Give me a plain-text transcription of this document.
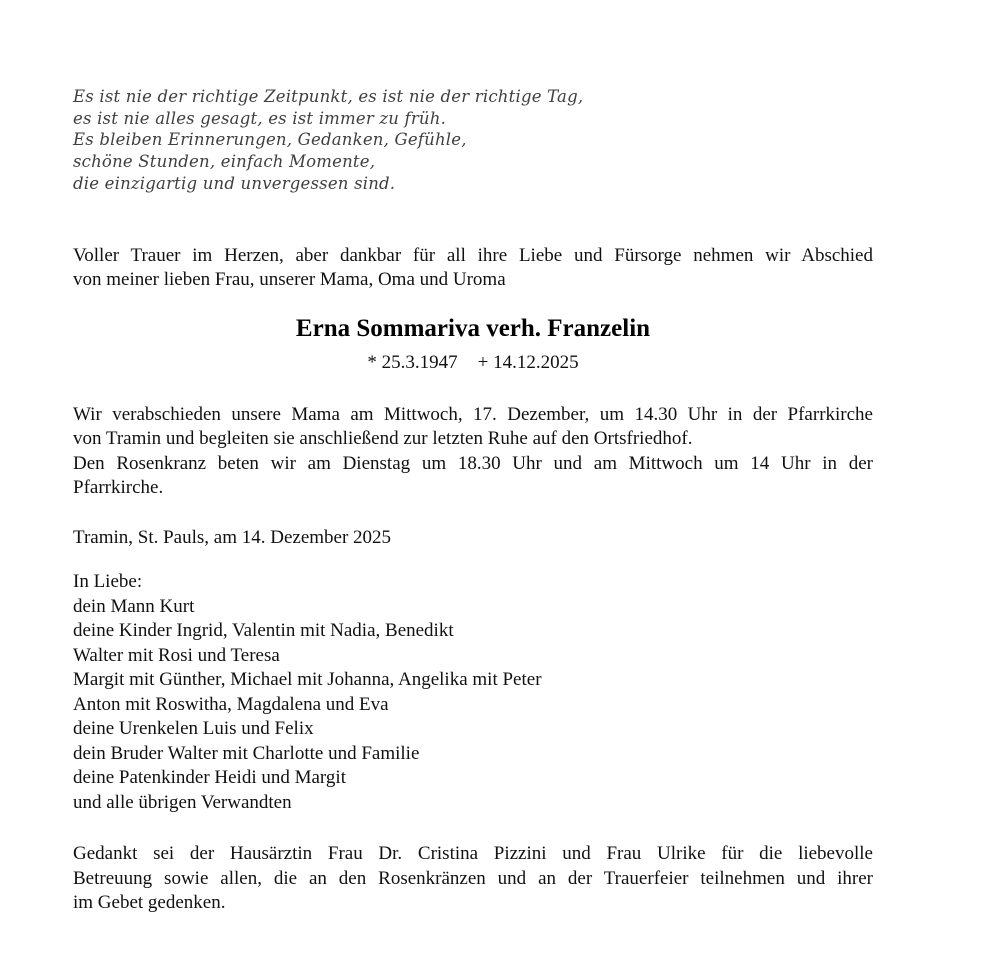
Es ist nie der richtige Zeitpunkt, es ist nie der richtige Tag,
es ist nie alles gesagt, es ist immer zu früh.
Es bleiben Erinnerungen, Gedanken, Gefühle,
schöne Stunden, einfach Momente,
die einzigartig und unvergessen sind.
Voller Trauer im Herzen, aber dankbar für all ihre Liebe und Fürsorge nehmen wir Abschied
von meiner lieben Frau, unserer Mama, Oma und Uroma
Erna Sommariva verh. Franzelin
* 25.3.1947 + 14.12.2025
Wir verabschieden unsere Mama am Mittwoch, 17. Dezember, um 14.30 Uhr in der Pfarrkirche
von Tramin und begleiten sie anschließend zur letzten Ruhe auf den Ortsfriedhof.
Den Rosenkranz beten wir am Dienstag um 18.30 Uhr und am Mittwoch um 14 Uhr in der
Pfarrkirche.
Tramin, St. Pauls, am 14. Dezember 2025
In Liebe:
dein Mann Kurt
deine Kinder Ingrid, Valentin mit Nadia, Benedikt
Walter mit Rosi und Teresa
Margit mit Günther, Michael mit Johanna, Angelika mit Peter
Anton mit Roswitha, Magdalena und Eva
deine Urenkelen Luis und Felix
dein Bruder Walter mit Charlotte und Familie
deine Patenkinder Heidi und Margit
und alle übrigen Verwandten
Gedankt sei der Hausärztin Frau Dr. Cristina Pizzini und Frau Ulrike für die liebevolle
Betreuung sowie allen, die an den Rosenkränzen und an der Trauerfeier teilnehmen und ihrer
im Gebet gedenken.
